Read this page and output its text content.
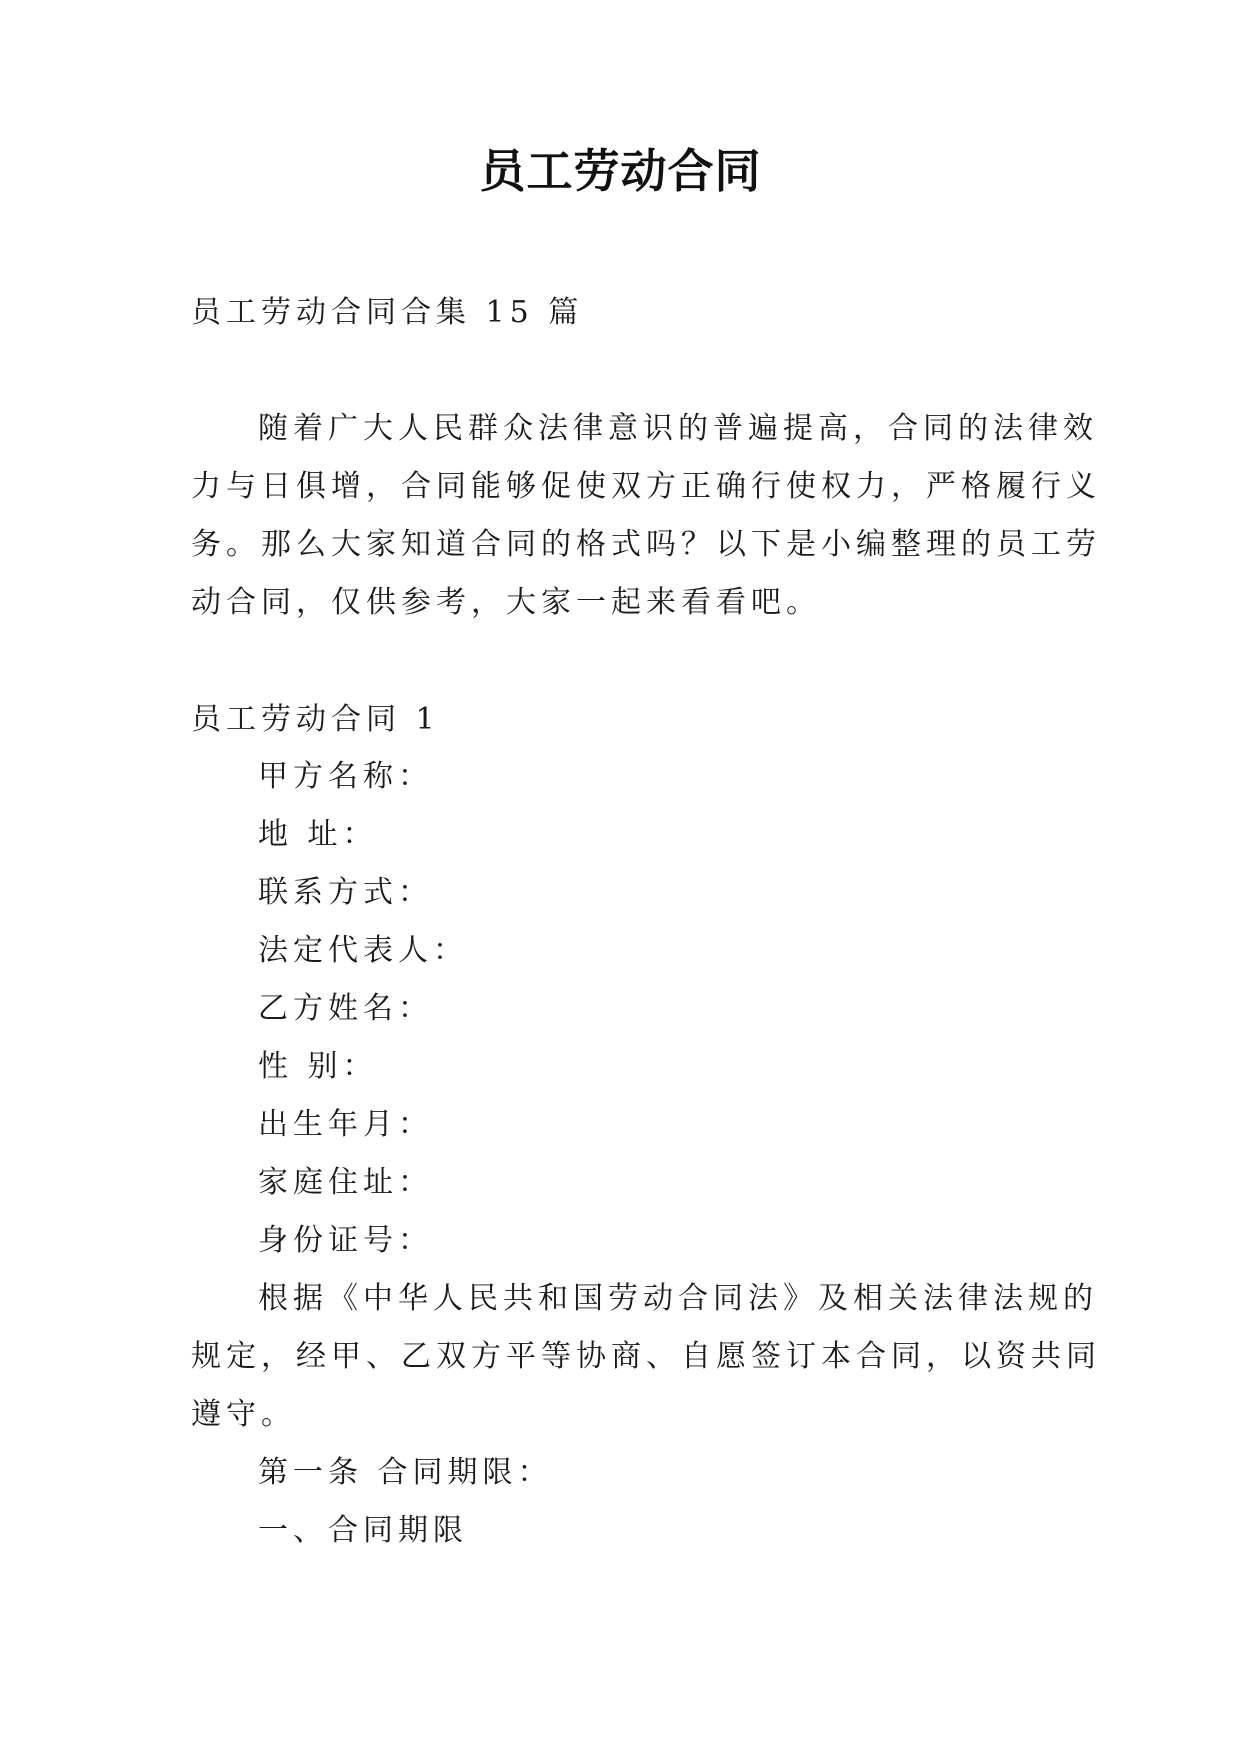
员工劳动合同
员工劳动合同合集 15 篇
随着广大人民群众法律意识的普遍提高，合同的法律效
力与日俱增，合同能够促使双方正确行使权力，严格履行义
务。那么大家知道合同的格式吗？以下是小编整理的员工劳
动合同，仅供参考，大家一起来看看吧。
员工劳动合同 1
甲方名称：
地 址：
联系方式：
法定代表人：
乙方姓名：
性 别：
出生年月：
家庭住址：
身份证号：
根据《中华人民共和国劳动合同法》及相关法律法规的
规定，经甲、乙双方平等协商、自愿签订本合同，以资共同
遵守。
第一条 合同期限：
一、合同期限
